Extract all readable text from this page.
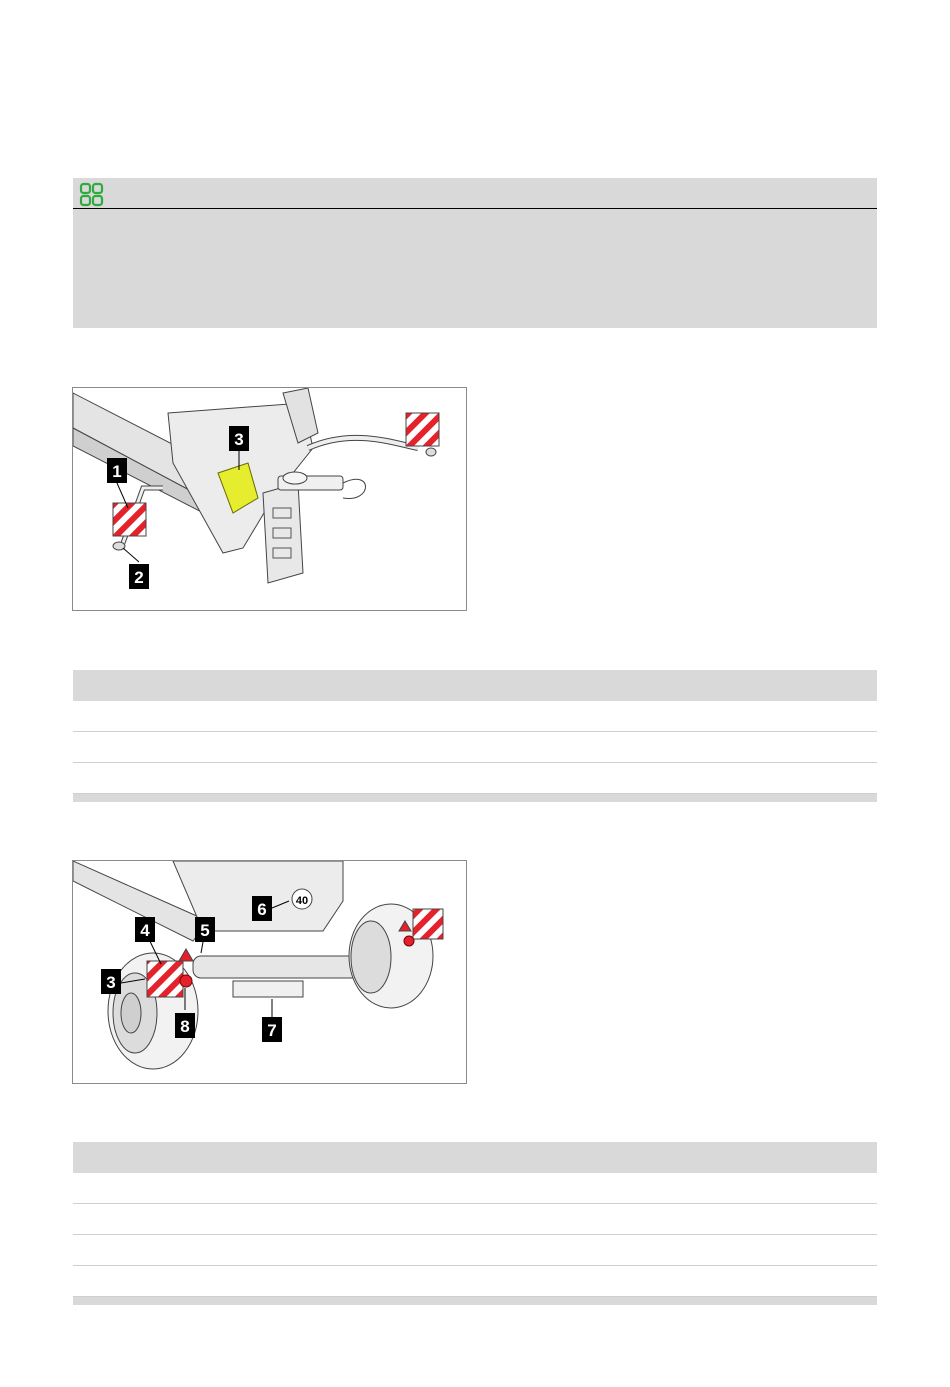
1
2
3
40
4	5
6
3
8	7
